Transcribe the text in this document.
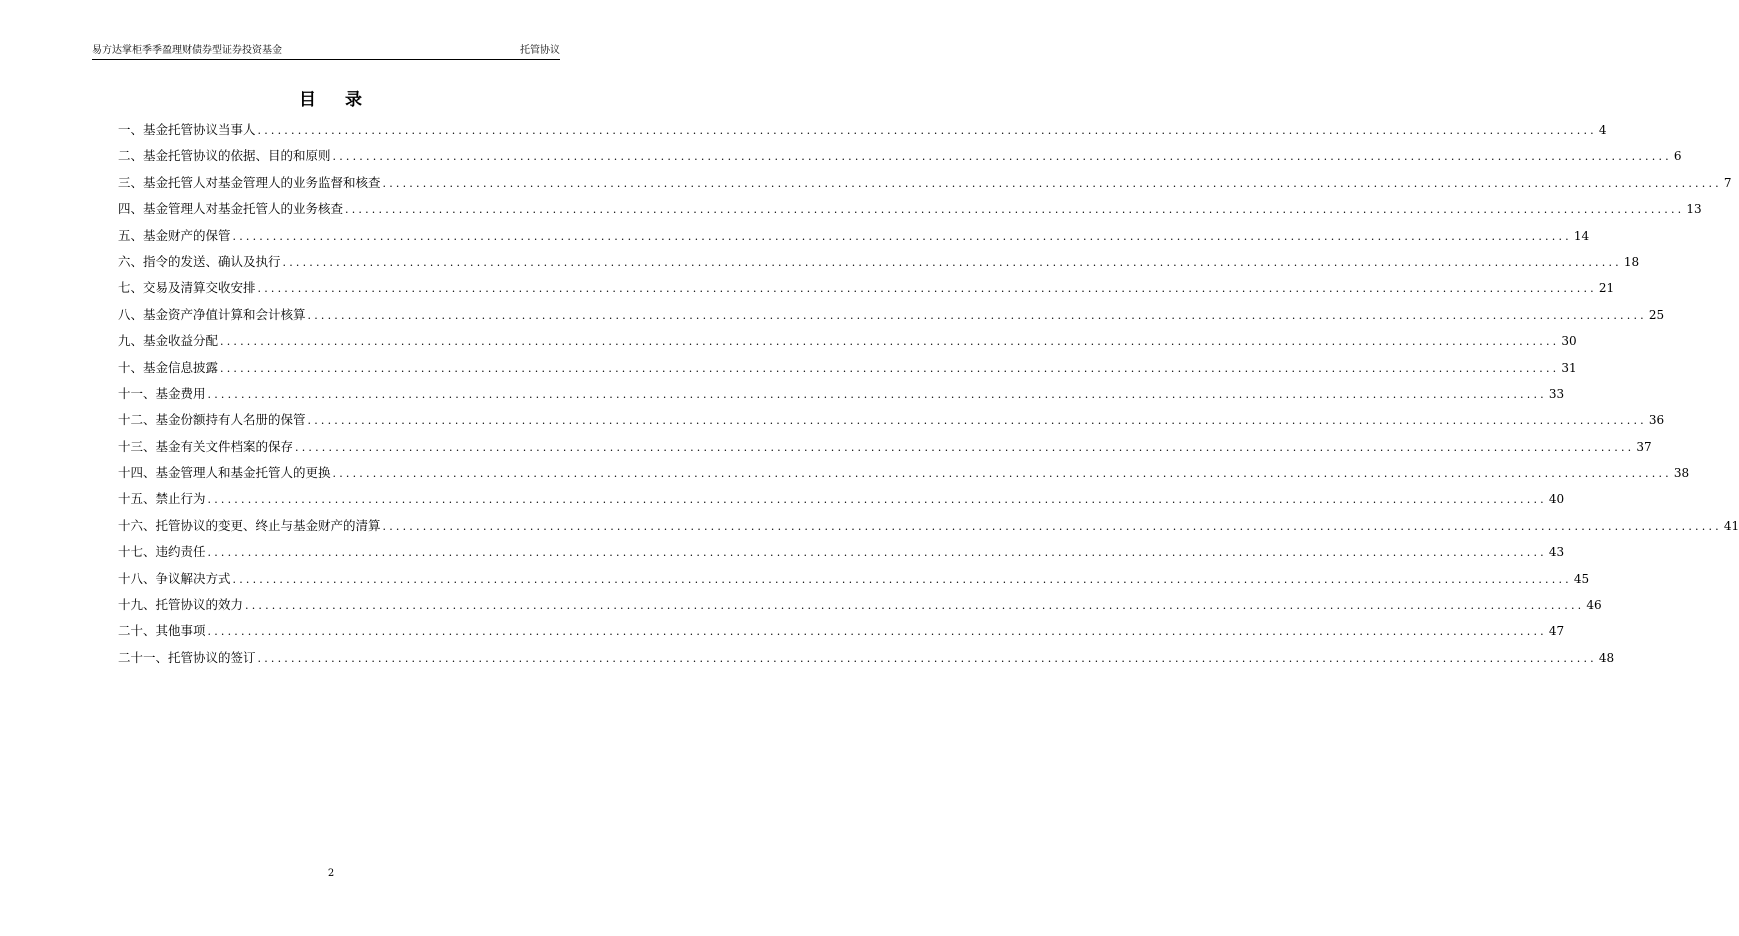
易方达掌柜季季盈理财债券型证券投资基金	托管协议
目 录
一、基金托管协议当事人 ........................................................................................................................................................................................................ 4
二、基金托管协议的依据、目的和原则 ........................................................................................................................................................................................................ 6
三、基金托管人对基金管理人的业务监督和核查 ........................................................................................................................................................................................................ 7
四、基金管理人对基金托管人的业务核查 ........................................................................................................................................................................................................ 13
五、基金财产的保管 ........................................................................................................................................................................................................ 14
六、指令的发送、确认及执行 ........................................................................................................................................................................................................ 18
七、交易及清算交收安排 ........................................................................................................................................................................................................ 21
八、基金资产净值计算和会计核算 ........................................................................................................................................................................................................ 25
九、基金收益分配 ........................................................................................................................................................................................................ 30
十、基金信息披露 ........................................................................................................................................................................................................ 31
十一、基金费用 ........................................................................................................................................................................................................ 33
十二、基金份额持有人名册的保管 ........................................................................................................................................................................................................ 36
十三、基金有关文件档案的保存 ........................................................................................................................................................................................................ 37
十四、基金管理人和基金托管人的更换 ........................................................................................................................................................................................................ 38
十五、禁止行为 ........................................................................................................................................................................................................ 40
十六、托管协议的变更、终止与基金财产的清算 ........................................................................................................................................................................................................ 41
十七、违约责任 ........................................................................................................................................................................................................ 43
十八、争议解决方式 ........................................................................................................................................................................................................ 45
十九、托管协议的效力 ........................................................................................................................................................................................................ 46
二十、其他事项 ........................................................................................................................................................................................................ 47
二十一、托管协议的签订 ........................................................................................................................................................................................................ 48
2
